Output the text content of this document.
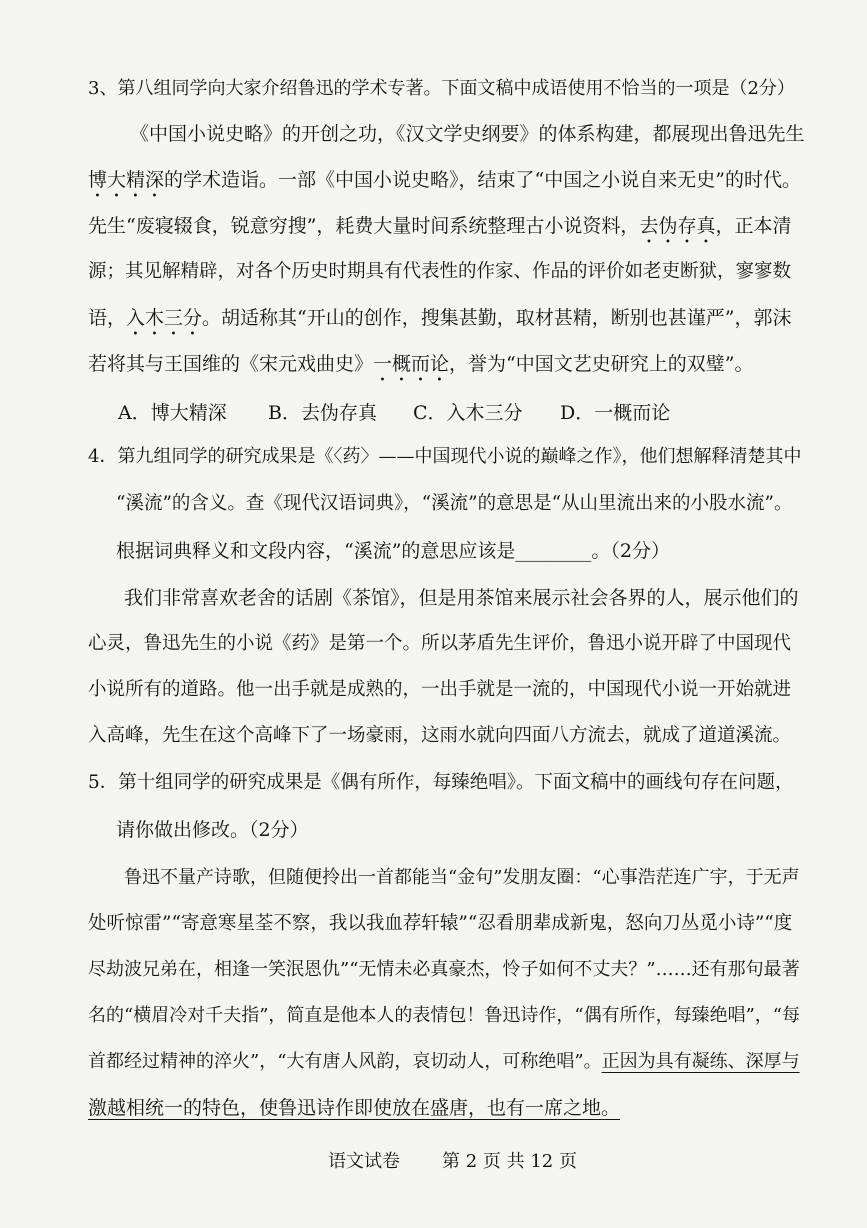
3、第八组同学向大家介绍鲁迅的学术专著。下面文稿中成语使用不恰当的一项是（2分）
《中国小说史略》的开创之功，《汉文学史纲要》的体系构建，都展现出鲁迅先生
博大精深的学术造诣。一部《中国小说史略》，结束了“中国之小说自来无史”的时代。
先生“废寝辍食，锐意穷搜”，耗费大量时间系统整理古小说资料，去伪存真，正本清
源；其见解精辟，对各个历史时期具有代表性的作家、作品的评价如老吏断狱，寥寥数
语，入木三分。胡适称其“开山的创作，搜集甚勤，取材甚精，断别也甚谨严”，郭沫
若将其与王国维的《宋元戏曲史》一概而论，誉为“中国文艺史研究上的双璧”。
A．博大精深 B．去伪存真 C．入木三分 D．一概而论
4．第九组同学的研究成果是《〈药〉——中国现代小说的巅峰之作》，他们想解释清楚其中
“溪流”的含义。查《现代汉语词典》，“溪流”的意思是“从山里流出来的小股水流”。
根据词典释义和文段内容，“溪流”的意思应该是________。（2分）
我们非常喜欢老舍的话剧《茶馆》，但是用茶馆来展示社会各界的人，展示他们的
心灵，鲁迅先生的小说《药》是第一个。所以茅盾先生评价，鲁迅小说开辟了中国现代
小说所有的道路。他一出手就是成熟的，一出手就是一流的，中国现代小说一开始就进
入高峰，先生在这个高峰下了一场豪雨，这雨水就向四面八方流去，就成了道道溪流。
5．第十组同学的研究成果是《偶有所作，每臻绝唱》。下面文稿中的画线句存在问题，
请你做出修改。（2分）
鲁迅不量产诗歌，但随便拎出一首都能当“金句”发朋友圈：“心事浩茫连广宇，于无声
处听惊雷”“寄意寒星荃不察，我以我血荐轩辕”“忍看朋辈成新鬼，怒向刀丛觅小诗”“度
尽劫波兄弟在，相逢一笑泯恩仇”“无情未必真豪杰，怜子如何不丈夫？”……还有那句最著
名的“横眉冷对千夫指”，简直是他本人的表情包！鲁迅诗作，“偶有所作，每臻绝唱”，“每
首都经过精神的淬火”，“大有唐人风韵，哀切动人，可称绝唱”。正因为具有凝练、深厚与
激越相统一的特色，使鲁迅诗作即使放在盛唐，也有一席之地。
语文试卷 第 2 页 共 12 页
